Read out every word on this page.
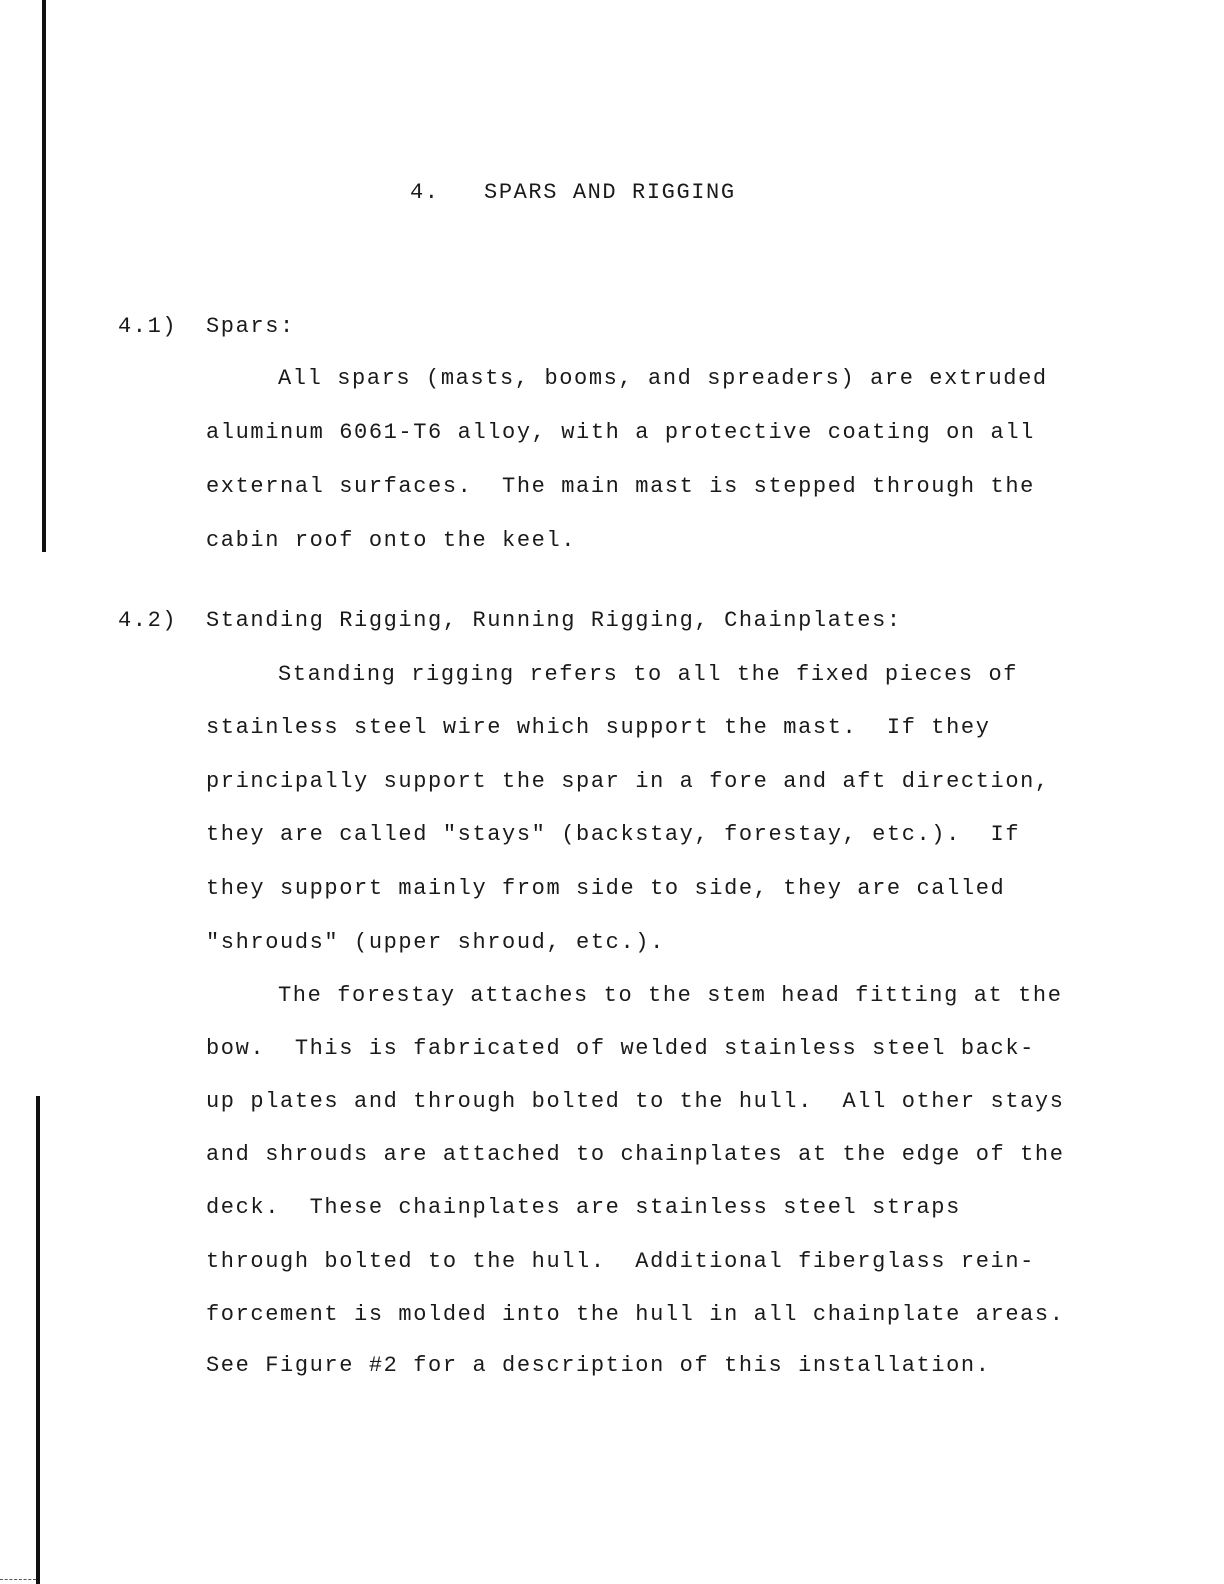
4.   SPARS AND RIGGING
4.1) Spars:
All spars (masts, booms, and spreaders) are extruded
aluminum 6061-T6 alloy, with a protective coating on all
external surfaces.  The main mast is stepped through the
cabin roof onto the keel.
4.2) Standing Rigging, Running Rigging, Chainplates:
Standing rigging refers to all the fixed pieces of
stainless steel wire which support the mast.  If they
principally support the spar in a fore and aft direction,
they are called "stays" (backstay, forestay, etc.).  If
they support mainly from side to side, they are called
"shrouds" (upper shroud, etc.).
The forestay attaches to the stem head fitting at the
bow.  This is fabricated of welded stainless steel back-
up plates and through bolted to the hull.  All other stays
and shrouds are attached to chainplates at the edge of the
deck.  These chainplates are stainless steel straps
through bolted to the hull.  Additional fiberglass rein-
forcement is molded into the hull in all chainplate areas.
See Figure #2 for a description of this installation.
